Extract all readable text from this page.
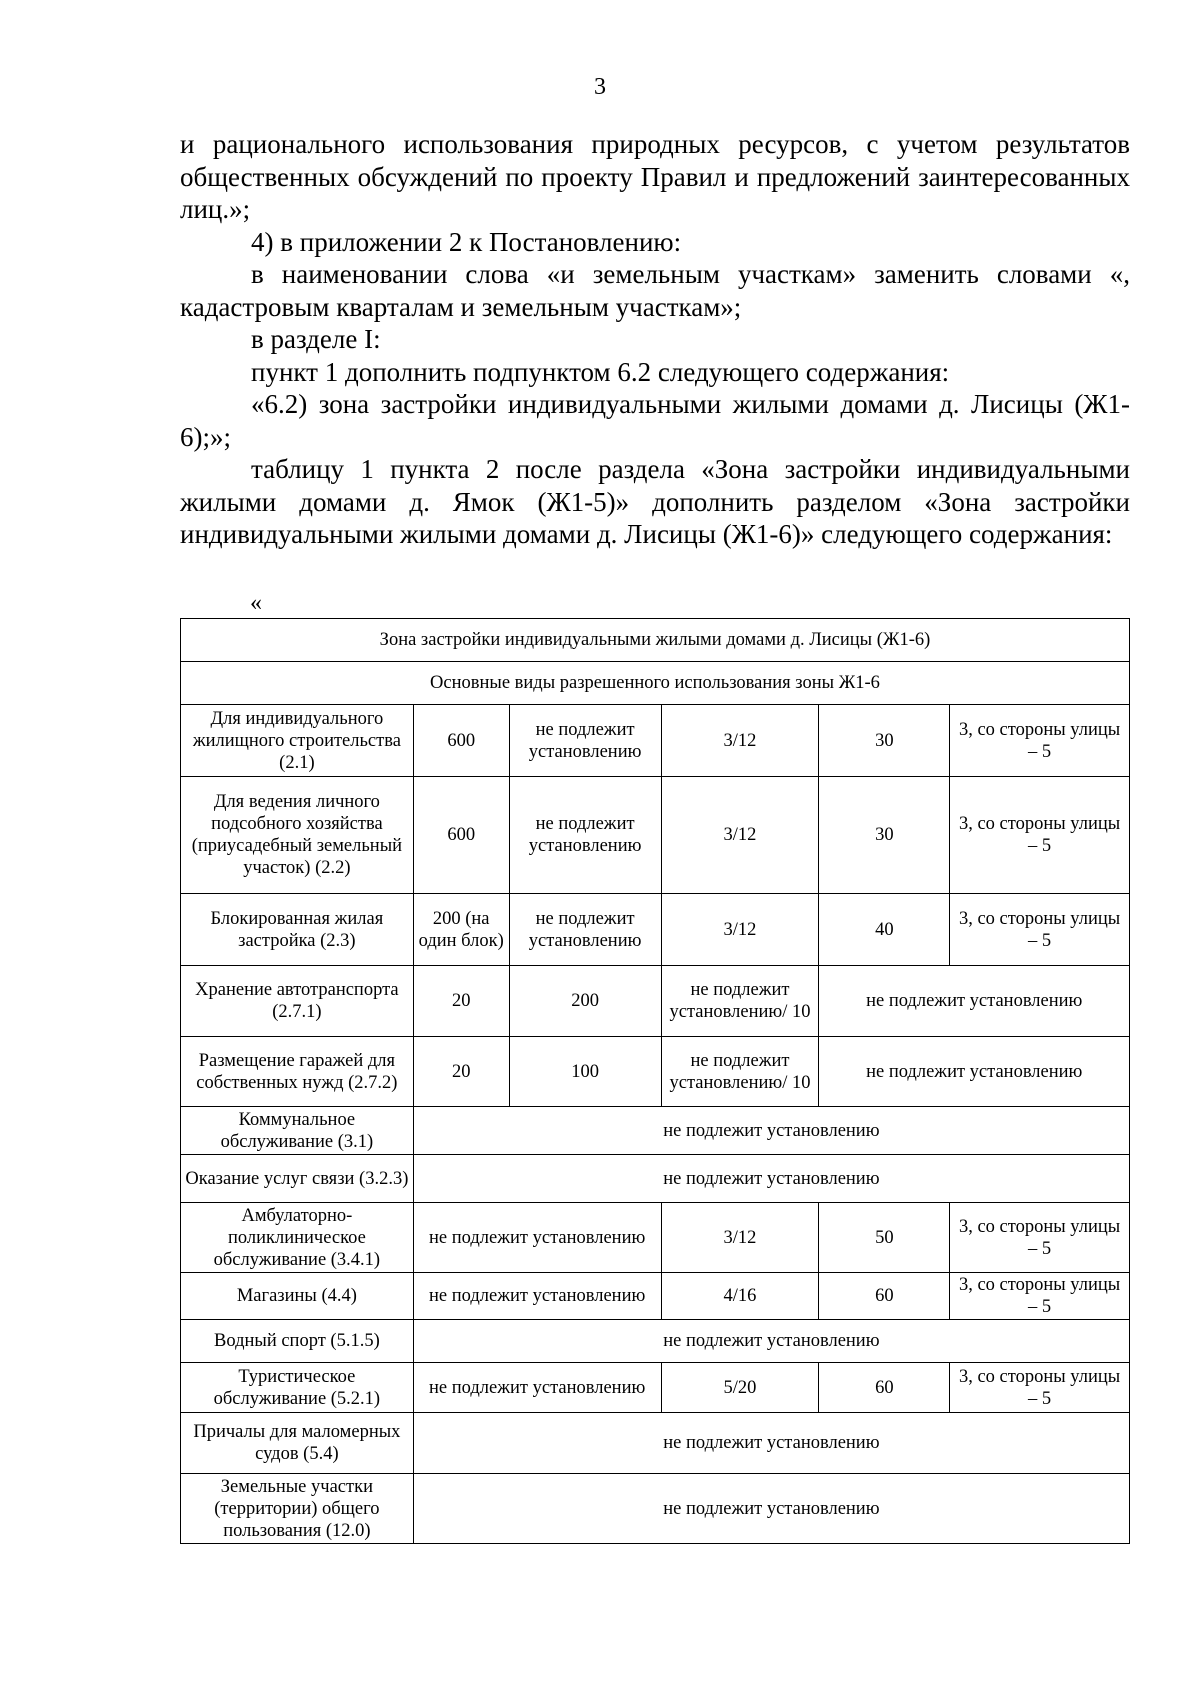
3

и рационального использования природных ресурсов, с учетом результатов общественных обсуждений по проекту Правил и предложений заинтересованных лиц.»;

4) в приложении 2 к Постановлению:

в наименовании слова «и земельным участкам» заменить словами «, кадастровым кварталам и земельным участкам»;

в разделе I:

пункт 1 дополнить подпунктом 6.2 следующего содержания:

«6.2) зона застройки индивидуальными жилыми домами д. Лисицы (Ж1-6);»;

таблицу 1 пункта 2 после раздела «Зона застройки индивидуальными жилыми домами д. Ямок (Ж1-5)» дополнить разделом «Зона застройки индивидуальными жилыми домами д. Лисицы (Ж1-6)» следующего содержания:

«
Зона застройки индивидуальными жилыми домами д. Лисицы (Ж1-6)					
Основные виды разрешенного использования зоны Ж1-6					
Для индивидуального жилищного строительства (2.1)	600	не подлежит установлению	3/12	30	3, со стороны улицы – 5
Для ведения личного подсобного хозяйства (приусадебный земельный участок) (2.2)	600	не подлежит установлению	3/12	30	3, со стороны улицы – 5
Блокированная жилая застройка (2.3)	200 (на один блок)	не подлежит установлению	3/12	40	3, со стороны улицы – 5
Хранение автотранспорта (2.7.1)	20	200	не подлежит установлению/ 10	не подлежит установлению	
Размещение гаражей для собственных нужд (2.7.2)	20	100	не подлежит установлению/ 10	не подлежит установлению	
Коммунальное обслуживание (3.1)	не подлежит установлению				
Оказание услуг связи (3.2.3)	не подлежит установлению				
Амбулаторно-поликлиническое обслуживание (3.4.1)	не подлежит установлению		3/12	50	3, со стороны улицы – 5
Магазины (4.4)	не подлежит установлению		4/16	60	3, со стороны улицы – 5
Водный спорт (5.1.5)	не подлежит установлению				
Туристическое обслуживание (5.2.1)	не подлежит установлению		5/20	60	3, со стороны улицы – 5
Причалы для маломерных судов (5.4)	не подлежит установлению				
Земельные участки (территории) общего пользования (12.0)	не подлежит установлению				
